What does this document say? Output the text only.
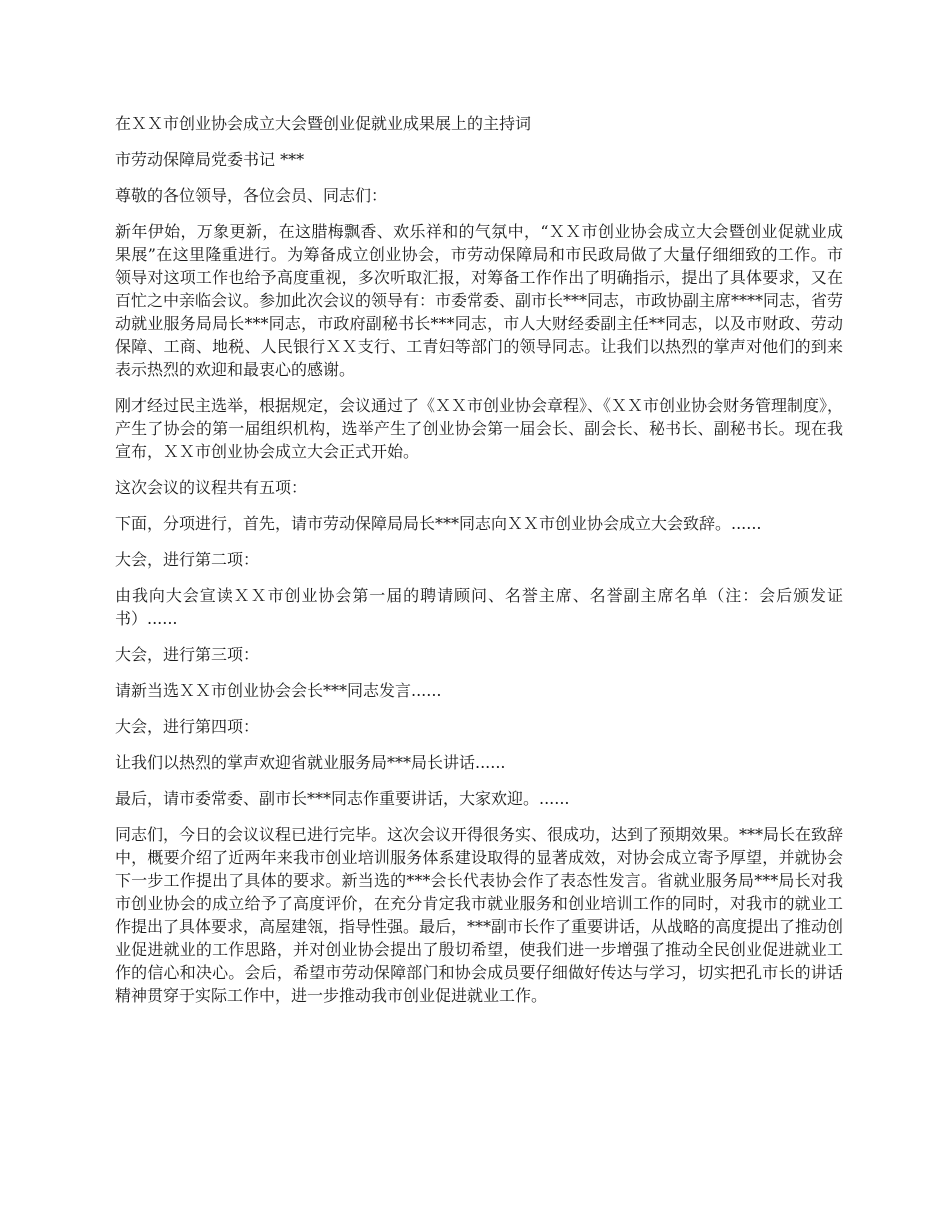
在ＸＸ市创业协会成立大会暨创业促就业成果展上的主持词

市劳动保障局党委书记 ***

尊敬的各位领导，各位会员、同志们：

新年伊始，万象更新，在这腊梅飘香、欢乐祥和的气氛中，“ＸＸ市创业协会成立大会暨创业促就业成果展”在这里隆重进行。为筹备成立创业协会，市劳动保障局和市民政局做了大量仔细细致的工作。市领导对这项工作也给予高度重视，多次听取汇报，对筹备工作作出了明确指示，提出了具体要求，又在百忙之中亲临会议。参加此次会议的领导有：市委常委、副市长***同志，市政协副主席****同志，省劳动就业服务局局长***同志，市政府副秘书长***同志，市人大财经委副主任**同志，以及市财政、劳动保障、工商、地税、人民银行ＸＸ支行、工青妇等部门的领导同志。让我们以热烈的掌声对他们的到来表示热烈的欢迎和最衷心的感谢。

刚才经过民主选举，根据规定，会议通过了《ＸＸ市创业协会章程》、《ＸＸ市创业协会财务管理制度》，产生了协会的第一届组织机构，选举产生了创业协会第一届会长、副会长、秘书长、副秘书长。现在我宣布，ＸＸ市创业协会成立大会正式开始。

这次会议的议程共有五项：

下面，分项进行，首先，请市劳动保障局局长***同志向ＸＸ市创业协会成立大会致辞。......

大会，进行第二项：

由我向大会宣读ＸＸ市创业协会第一届的聘请顾问、名誉主席、名誉副主席名单（注：会后颁发证书）......

大会，进行第三项：

请新当选ＸＸ市创业协会会长***同志发言......

大会，进行第四项：

让我们以热烈的掌声欢迎省就业服务局***局长讲话......

最后，请市委常委、副市长***同志作重要讲话，大家欢迎。......

同志们，今日的会议议程已进行完毕。这次会议开得很务实、很成功，达到了预期效果。***局长在致辞中，概要介绍了近两年来我市创业培训服务体系建设取得的显著成效，对协会成立寄予厚望，并就协会下一步工作提出了具体的要求。新当选的***会长代表协会作了表态性发言。省就业服务局***局长对我市创业协会的成立给予了高度评价，在充分肯定我市就业服务和创业培训工作的同时，对我市的就业工作提出了具体要求，高屋建瓴，指导性强。最后，***副市长作了重要讲话，从战略的高度提出了推动创业促进就业的工作思路，并对创业协会提出了殷切希望，使我们进一步增强了推动全民创业促进就业工作的信心和决心。会后，希望市劳动保障部门和协会成员要仔细做好传达与学习，切实把孔市长的讲话精神贯穿于实际工作中，进一步推动我市创业促进就业工作。
